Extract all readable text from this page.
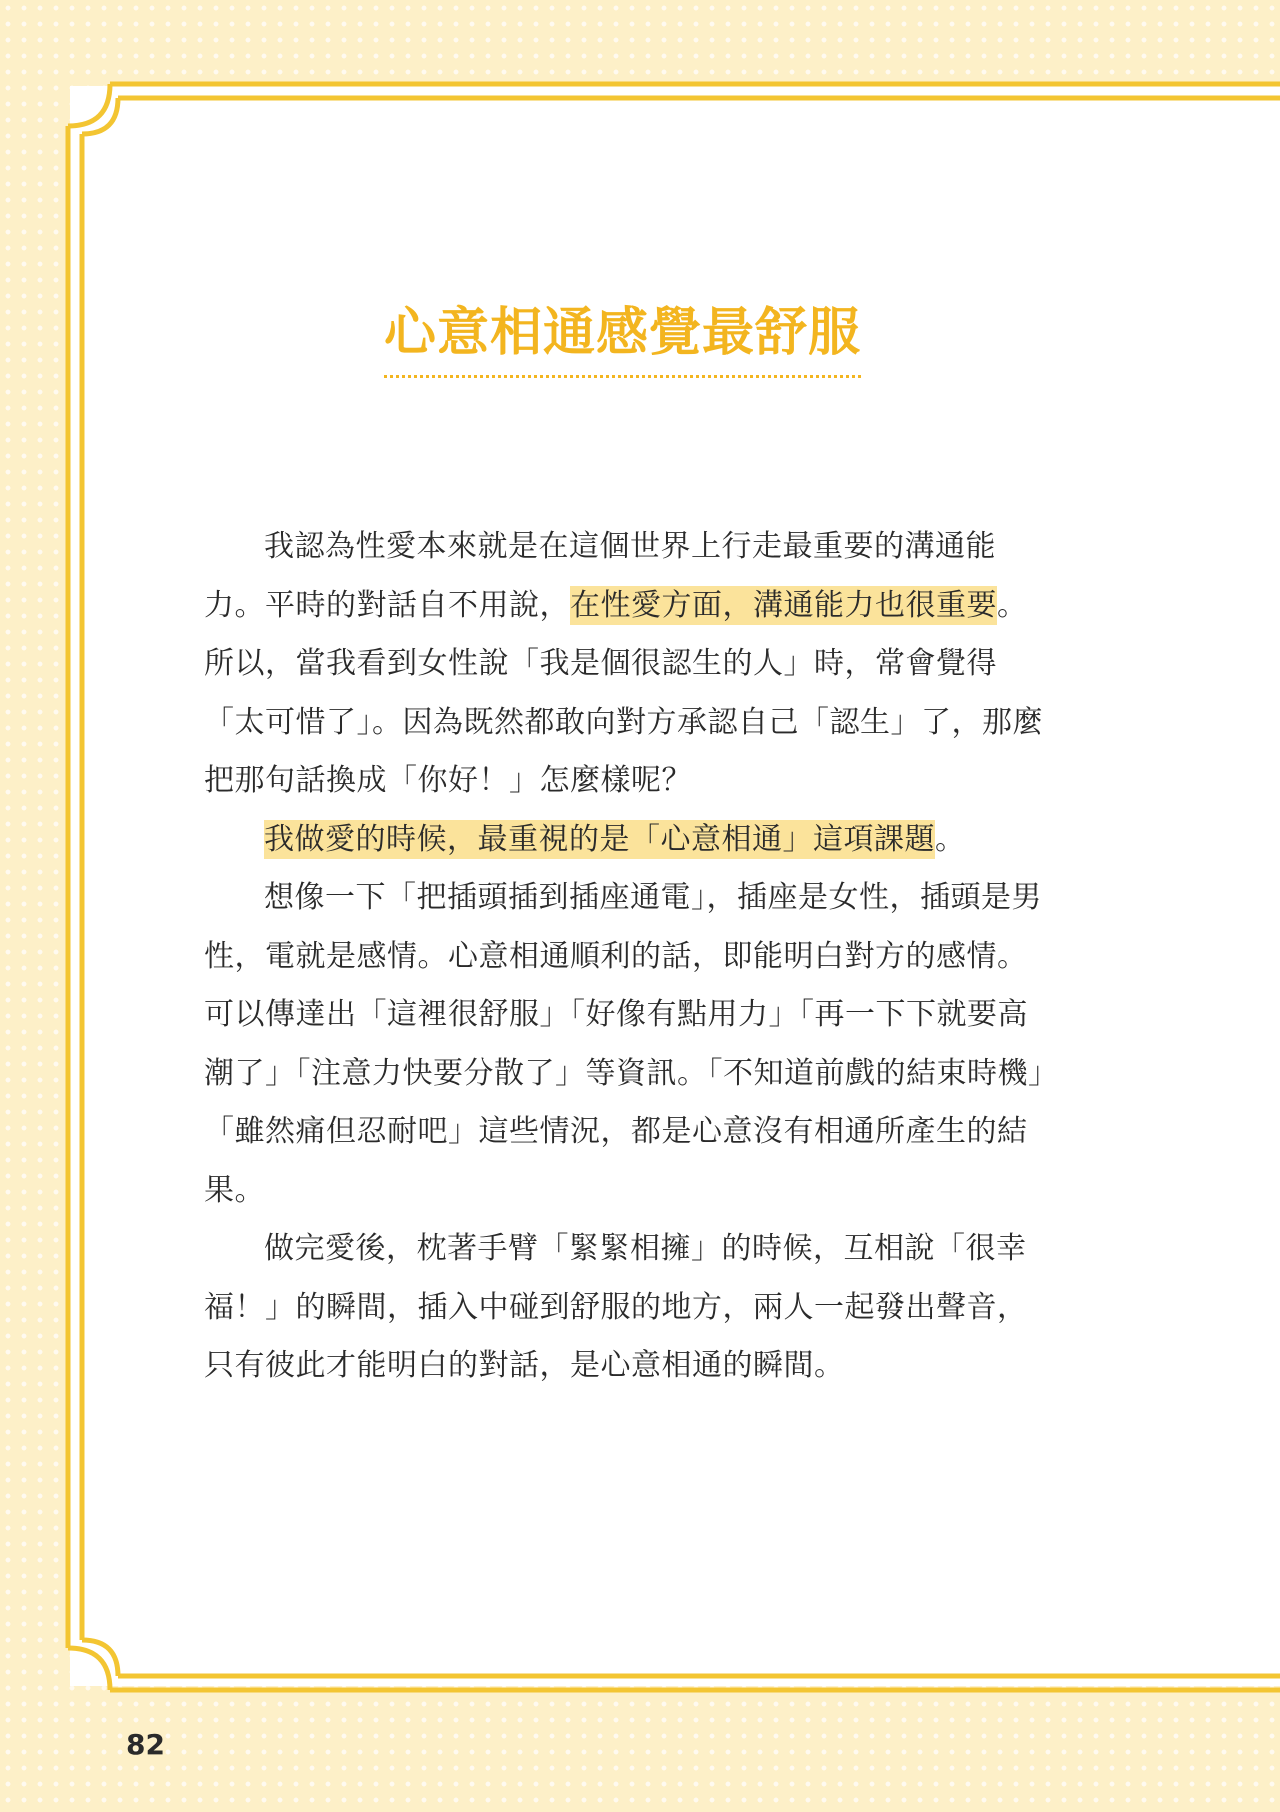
心意相通感覺最舒服

我認為性愛本來就是在這個世界上行走最重要的溝通能力。平時的對話自不用說，在性愛方面，溝通能力也很重要。所以，當我看到女性說「我是個很認生的人」時，常會覺得「太可惜了」。因為既然都敢向對方承認自己「認生」了，那麼把那句話換成「你好！」怎麼樣呢？

我做愛的時候，最重視的是「心意相通」這項課題。

想像一下「把插頭插到插座通電」，插座是女性，插頭是男性，電就是感情。心意相通順利的話，即能明白對方的感情。可以傳達出「這裡很舒服」「好像有點用力」「再一下下就要高潮了」「注意力快要分散了」等資訊。「不知道前戲的結束時機」「雖然痛但忍耐吧」這些情況，都是心意沒有相通所產生的結果。

做完愛後，枕著手臂「緊緊相擁」的時候，互相說「很幸福！」的瞬間，插入中碰到舒服的地方，兩人一起發出聲音，只有彼此才能明白的對話，是心意相通的瞬間。

82
